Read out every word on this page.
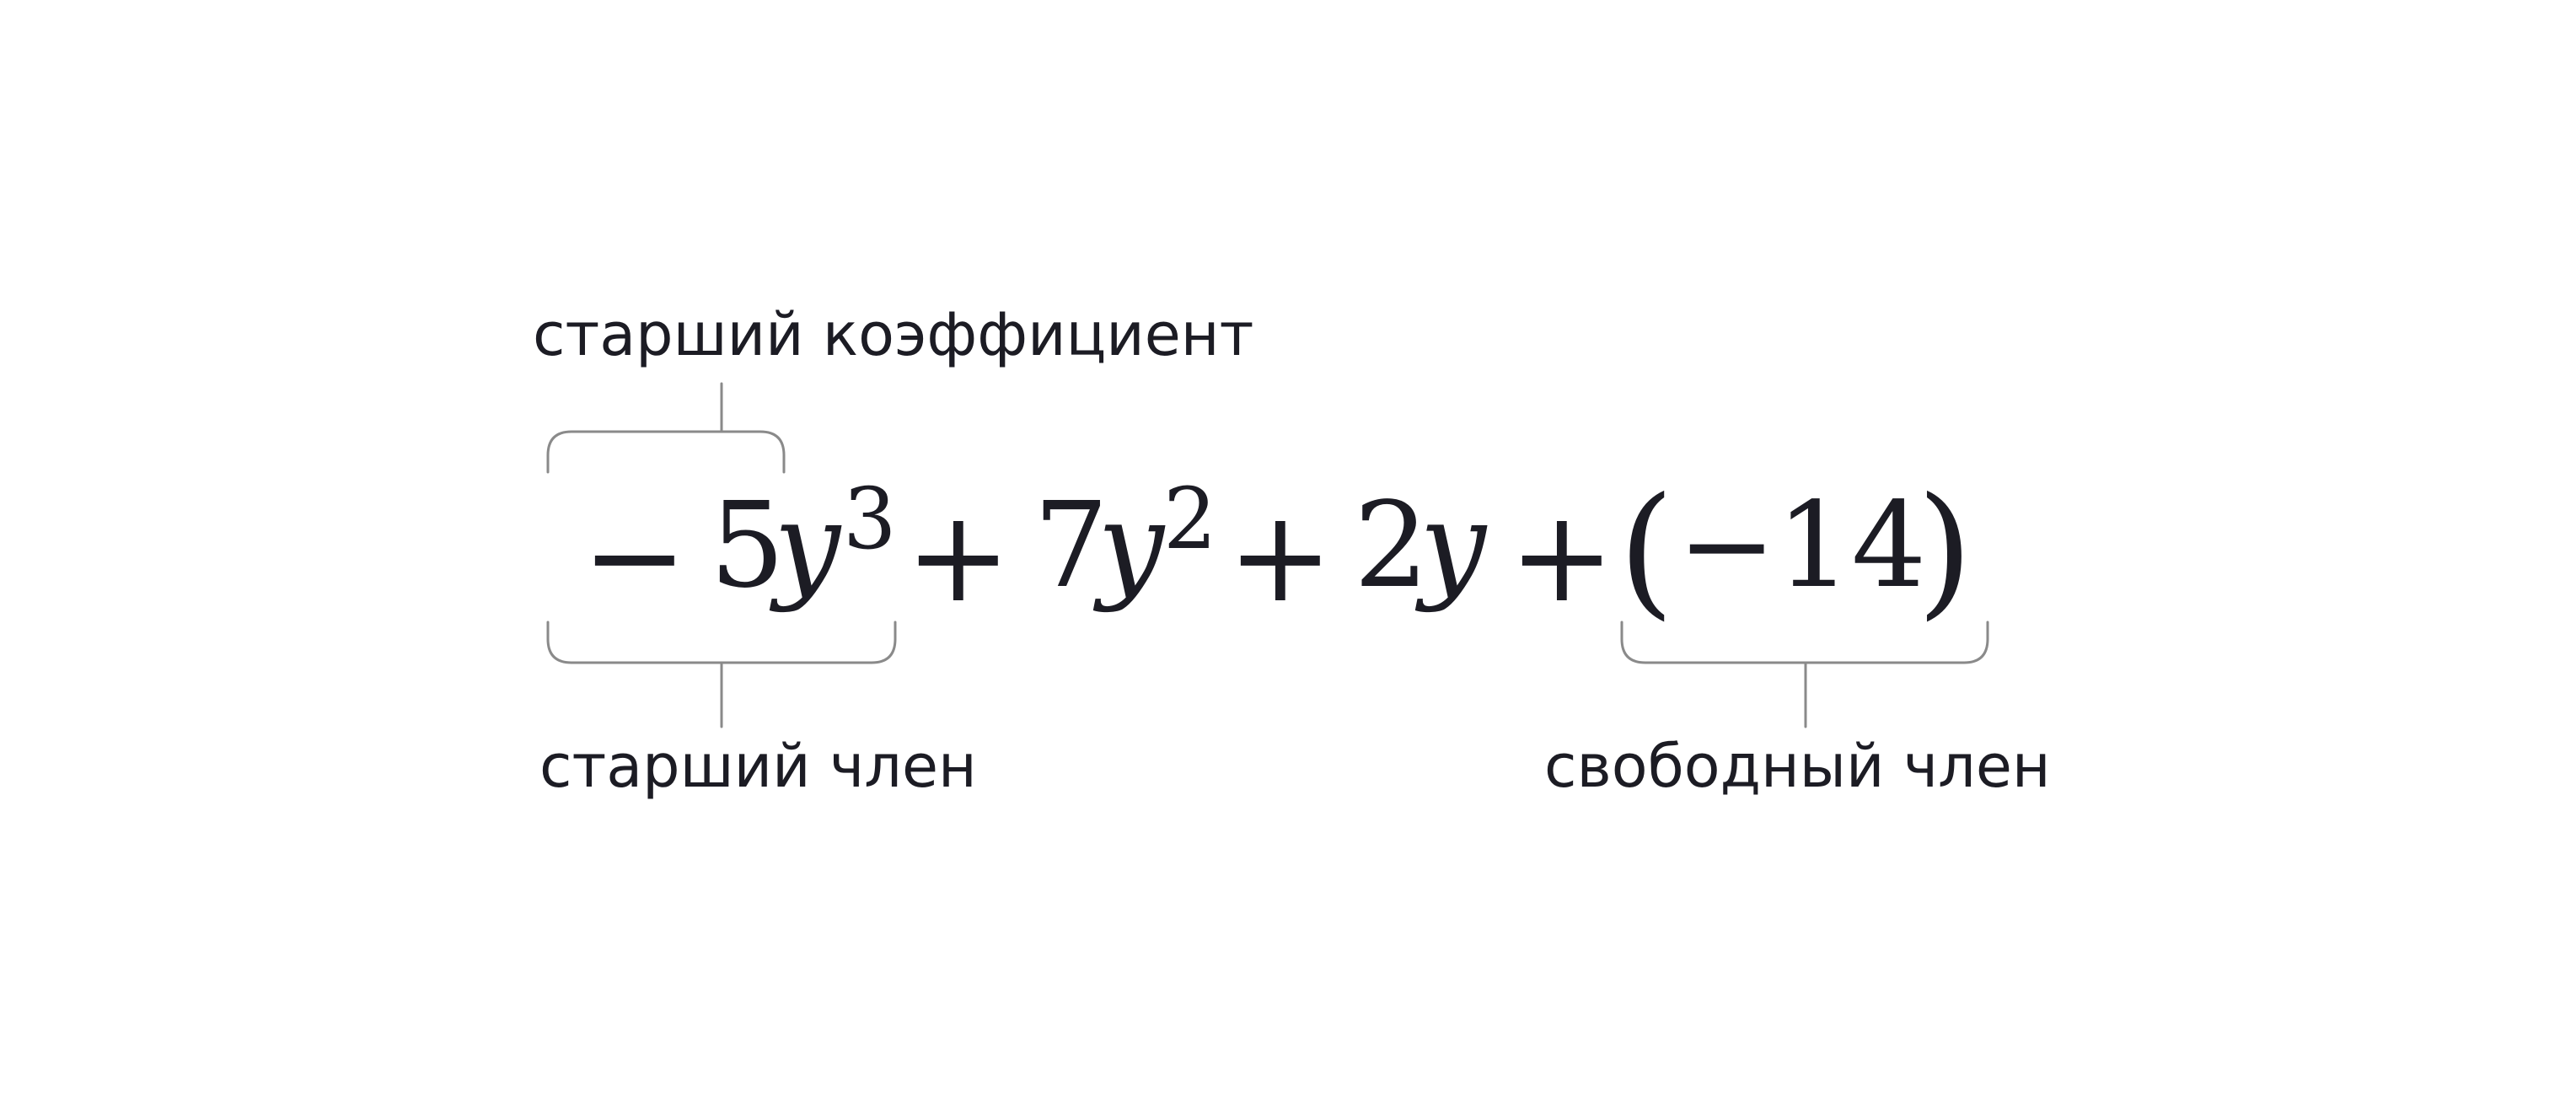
старший коэффициент
старший член	свободный член
− 5
y 3 + 7
y
2 + 2
y + ( −14
)
